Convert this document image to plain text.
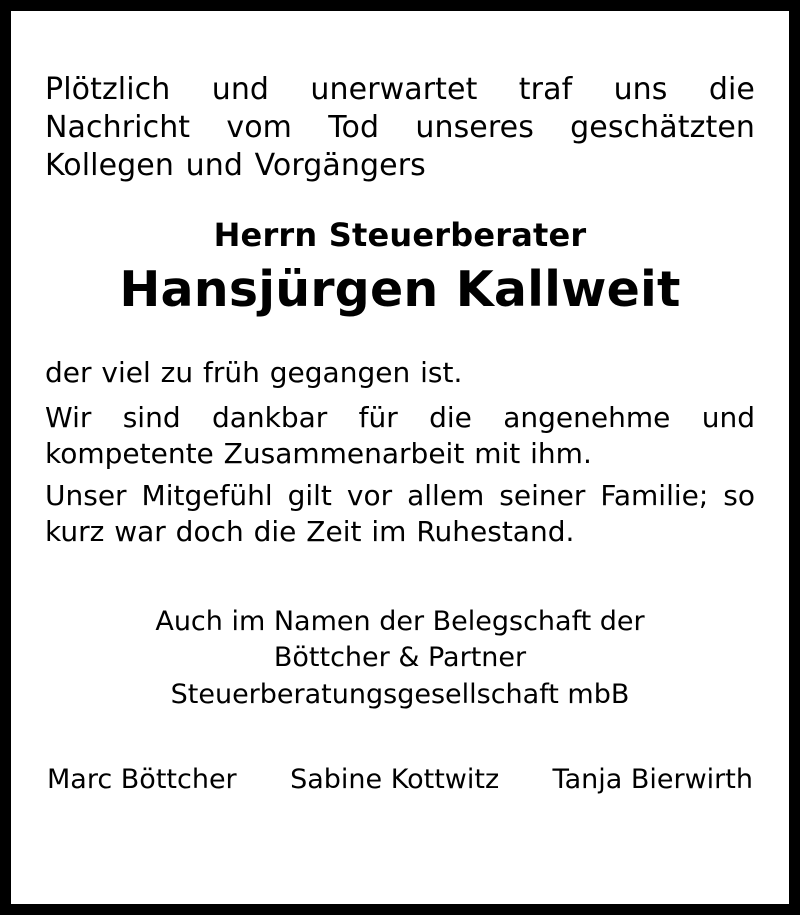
Plötzlich und unerwartet traf uns die Nachricht vom Tod unseres geschätzten Kollegen und Vorgängers

Herrn Steuerberater
Hansjürgen Kallweit

der viel zu früh gegangen ist.

Wir sind dankbar für die angenehme und kompetente Zusammenarbeit mit ihm.

Unser Mitgefühl gilt vor allem seiner Familie; so kurz war doch die Zeit im Ruhestand.

Auch im Namen der Belegschaft der
Böttcher & Partner
Steuerberatungsgesellschaft mbB
Marc Böttcher Sabine Kottwitz Tanja Bierwirth
